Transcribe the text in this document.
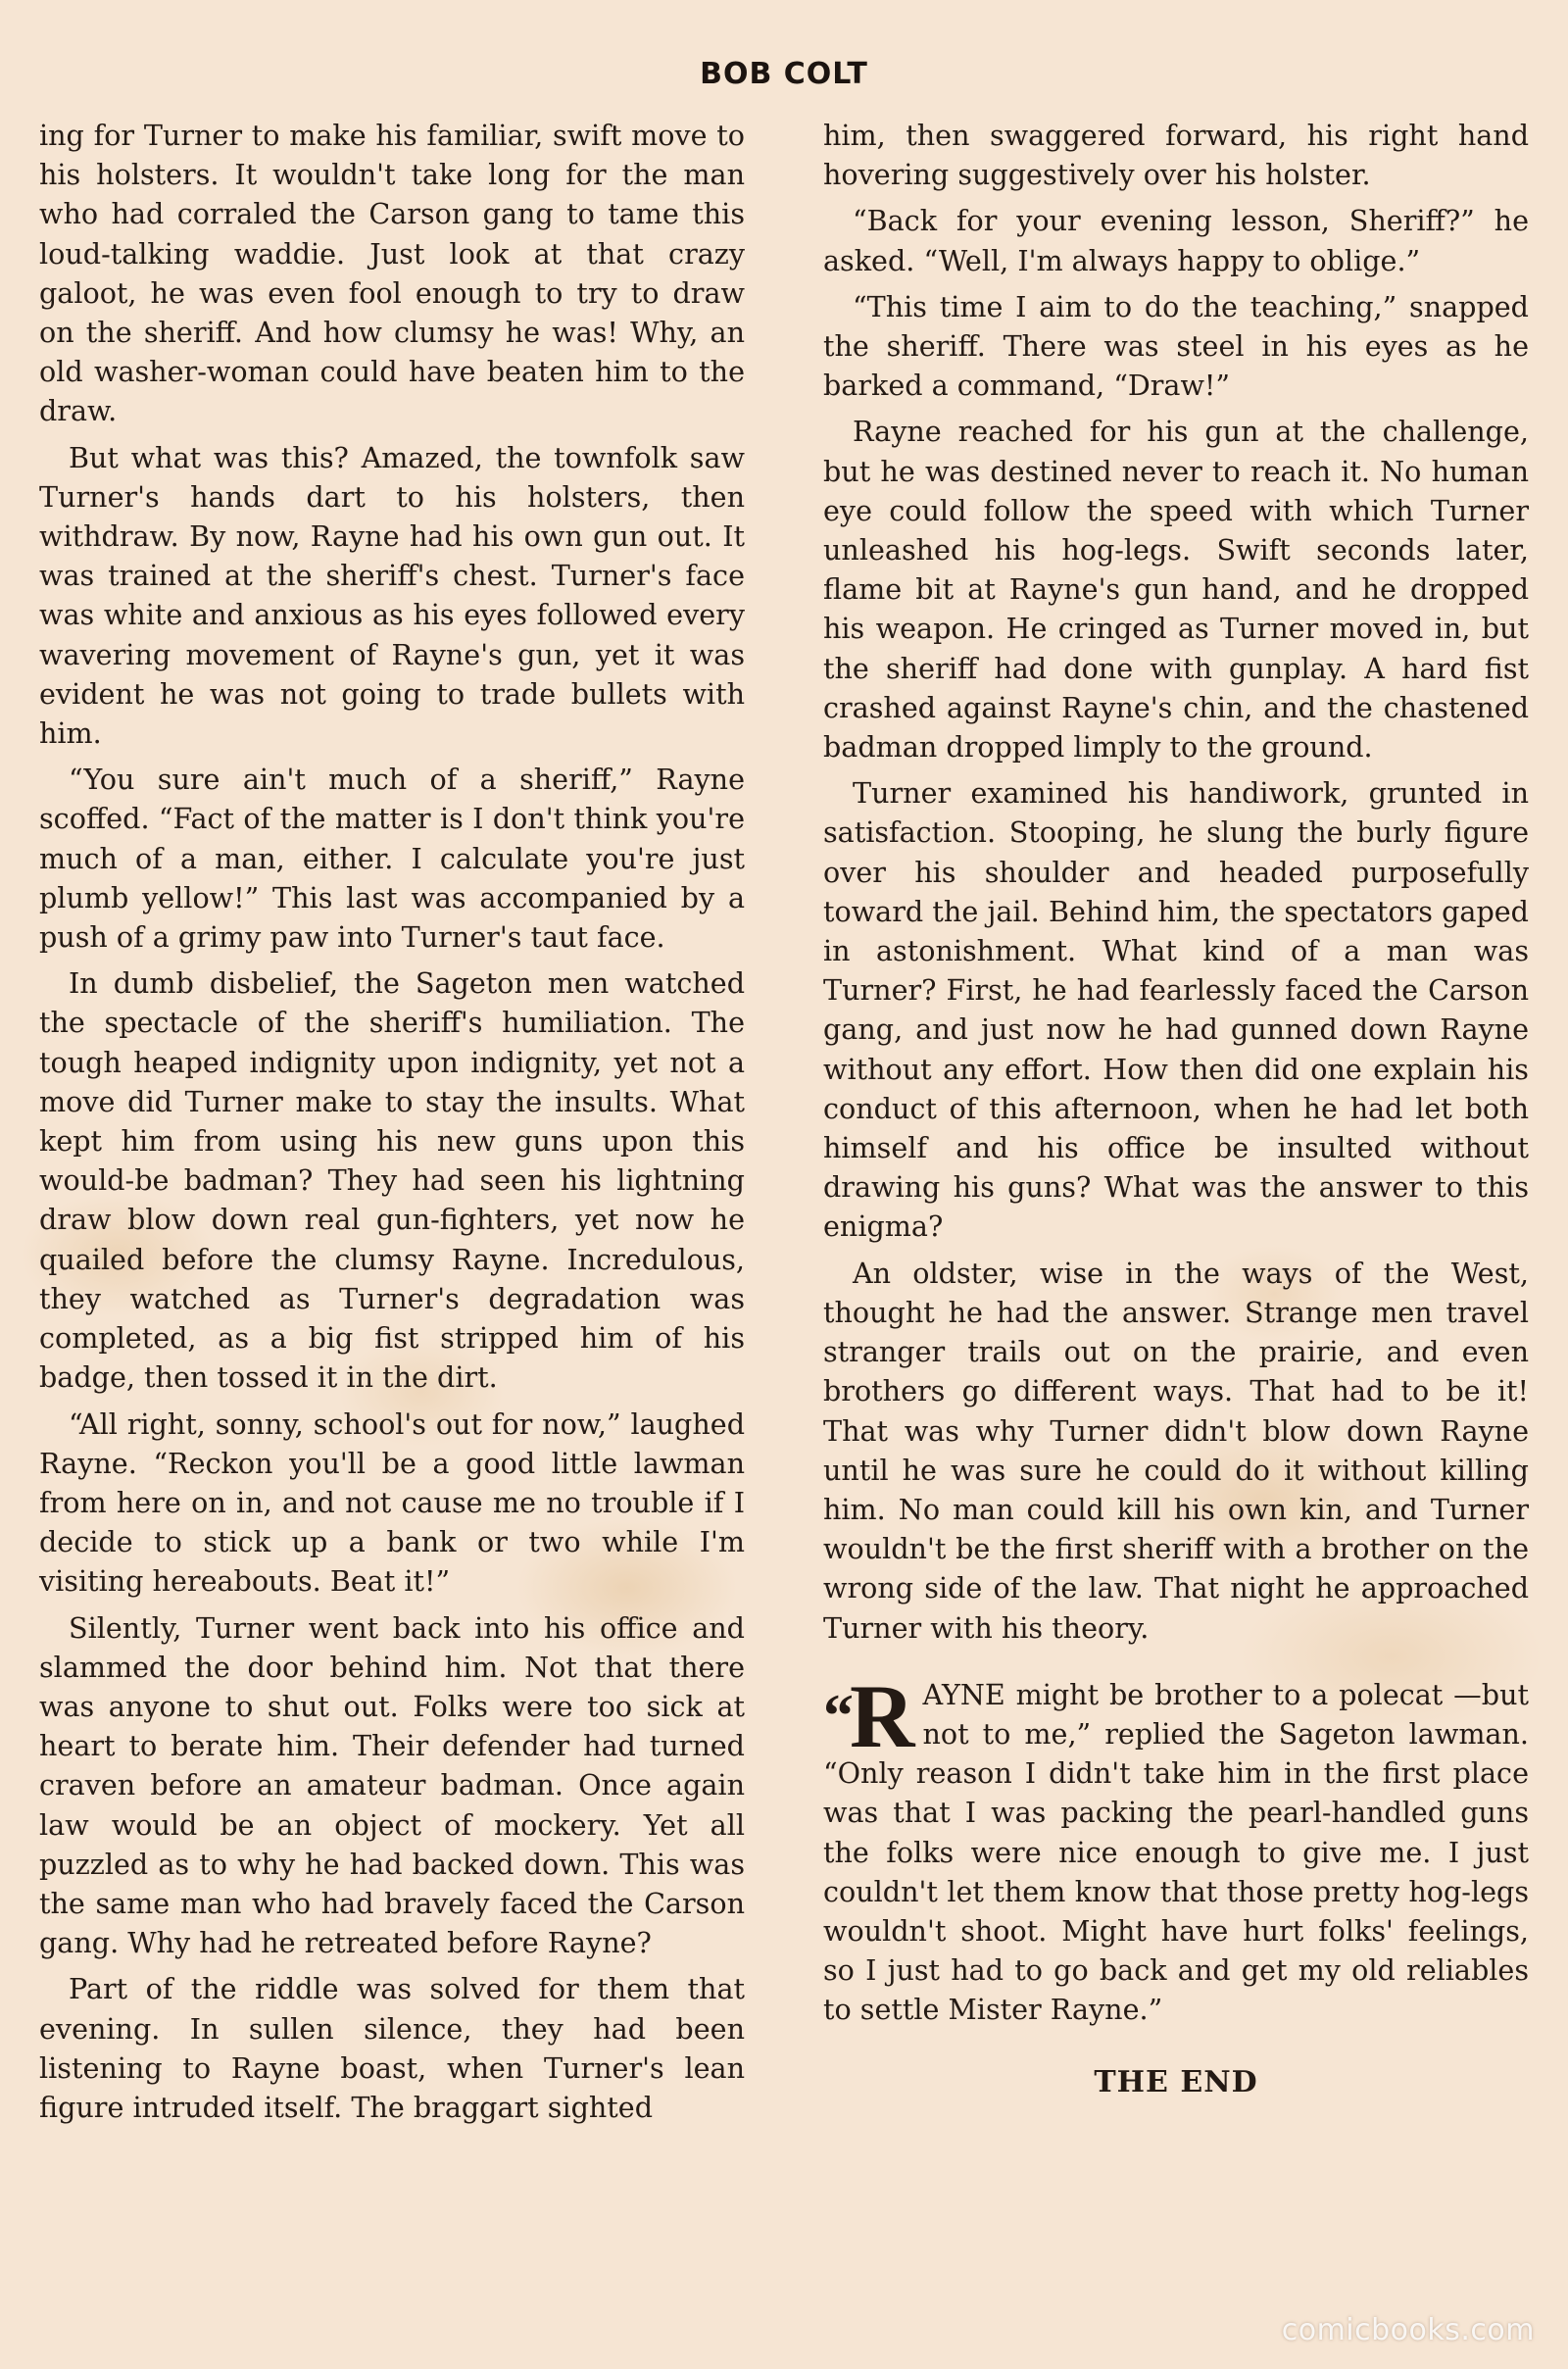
BOB COLT

ing for Turner to make his familiar, swift move to his holsters. It wouldn't take long for the man who had corraled the Carson gang to tame this loud-talking waddie. Just look at that crazy galoot, he was even fool enough to try to draw on the sheriff. And how clumsy he was! Why, an old washer-woman could have beaten him to the draw.

But what was this? Amazed, the townfolk saw Turner's hands dart to his holsters, then withdraw. By now, Rayne had his own gun out. It was trained at the sheriff's chest. Turner's face was white and anxious as his eyes followed every wavering movement of Rayne's gun, yet it was evident he was not going to trade bullets with him.

“You sure ain't much of a sheriff,” Rayne scoffed. “Fact of the matter is I don't think you're much of a man, either. I calculate you're just plumb yellow!” This last was accompanied by a push of a grimy paw into Turner's taut face.

In dumb disbelief, the Sageton men watched the spectacle of the sheriff's humiliation. The tough heaped indignity upon indignity, yet not a move did Turner make to stay the insults. What kept him from using his new guns upon this would-be badman? They had seen his lightning draw blow down real gun-fighters, yet now he quailed before the clumsy Rayne. Incredulous, they watched as Turner's degradation was completed, as a big fist stripped him of his badge, then tossed it in the dirt.

“All right, sonny, school's out for now,” laughed Rayne. “Reckon you'll be a good little lawman from here on in, and not cause me no trouble if I decide to stick up a bank or two while I'm visiting hereabouts. Beat it!”

Silently, Turner went back into his office and slammed the door behind him. Not that there was anyone to shut out. Folks were too sick at heart to berate him. Their defender had turned craven before an amateur badman. Once again law would be an object of mockery. Yet all puzzled as to why he had backed down. This was the same man who had bravely faced the Carson gang. Why had he retreated before Rayne?

Part of the riddle was solved for them that evening. In sullen silence, they had been listening to Rayne boast, when Turner's lean figure intruded itself. The braggart sighted

him, then swaggered forward, his right hand hovering suggestively over his holster.

“Back for your evening lesson, Sheriff?” he asked. “Well, I'm always happy to oblige.”

“This time I aim to do the teaching,” snapped the sheriff. There was steel in his eyes as he barked a command, “Draw!”

Rayne reached for his gun at the challenge, but he was destined never to reach it. No human eye could follow the speed with which Turner unleashed his hog-legs. Swift seconds later, flame bit at Rayne's gun hand, and he dropped his weapon. He cringed as Turner moved in, but the sheriff had done with gunplay. A hard fist crashed against Rayne's chin, and the chastened badman dropped limply to the ground.

Turner examined his handiwork, grunted in satisfaction. Stooping, he slung the burly figure over his shoulder and headed purposefully toward the jail. Behind him, the spectators gaped in astonishment. What kind of a man was Turner? First, he had fearlessly faced the Carson gang, and just now he had gunned down Rayne without any effort. How then did one explain his conduct of this afternoon, when he had let both himself and his office be insulted without drawing his guns? What was the answer to this enigma?

An oldster, wise in the ways of the West, thought he had the answer. Strange men travel stranger trails out on the prairie, and even brothers go different ways. That had to be it! That was why Turner didn't blow down Rayne until he was sure he could do it without killing him. No man could kill his own kin, and Turner wouldn't be the first sheriff with a brother on the wrong side of the law. That night he approached Turner with his theory.

“R AYNE might be brother to a polecat —but not to me,” replied the Sageton lawman. “Only reason I didn't take him in the first place was that I was packing the pearl-handled guns the folks were nice enough to give me. I just couldn't let them know that those pretty hog-legs wouldn't shoot. Might have hurt folks' feelings, so I just had to go back and get my old reliables to settle Mister Rayne.”

THE END
comicbooks.com
